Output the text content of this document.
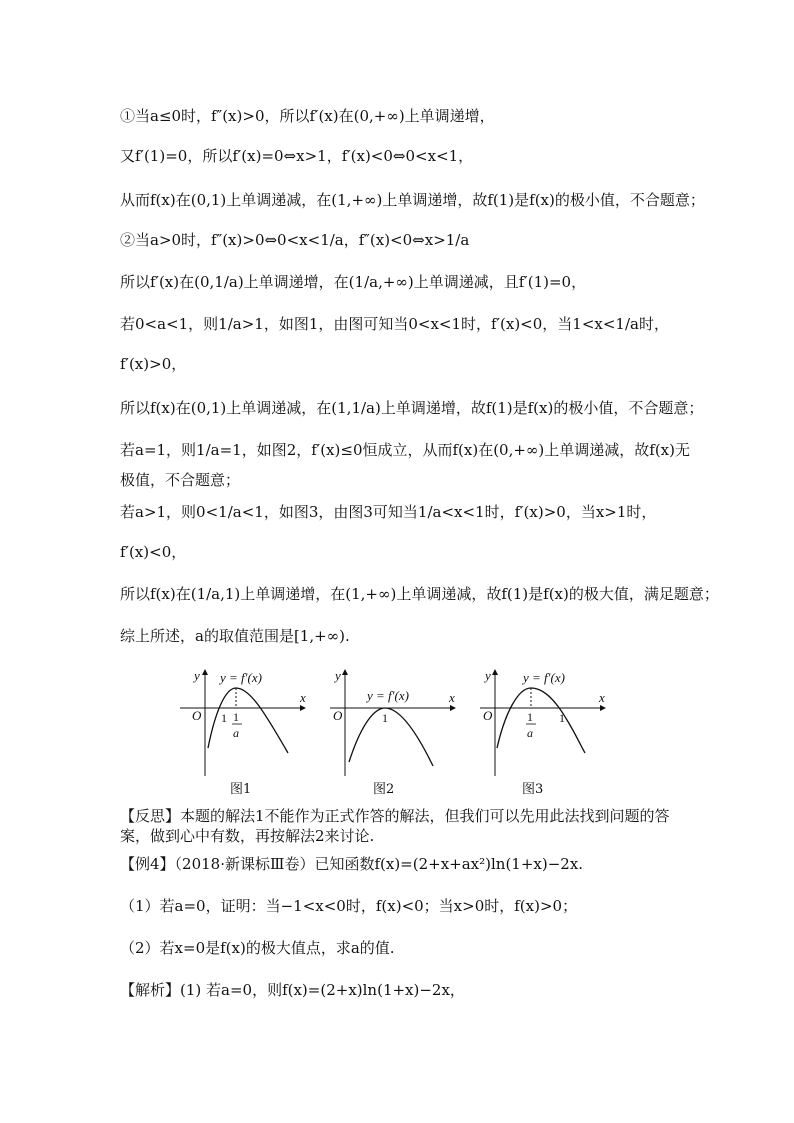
①当a≤0时，f″(x)>0，所以f′(x)在(0,+∞)上单调递增，
又f′(1)=0，所以f′(x)=0⇔x>1，f′(x)<0⇔0<x<1，
从而f(x)在(0,1)上单调递减，在(1,+∞)上单调递增，故f(1)是f(x)的极小值，不合题意；
②当a>0时，f″(x)>0⇔0<x<1/a，f″(x)<0⇔x>1/a
所以f′(x)在(0,1/a)上单调递增，在(1/a,+∞)上单调递减，且f′(1)=0，
若0<a<1，则1/a>1，如图1，由图可知当0<x<1时，f′(x)<0，当1<x<1/a时，
f′(x)>0，
所以f(x)在(0,1)上单调递减，在(1,1/a)上单调递增，故f(1)是f(x)的极小值，不合题意；
若a=1，则1/a=1，如图2，f′(x)≤0恒成立，从而f(x)在(0,+∞)上单调递减，故f(x)无
极值，不合题意；
若a>1，则0<1/a<1，如图3，由图3可知当1/a<x<1时，f′(x)>0，当x>1时，
f′(x)<0，
所以f(x)在(1/a,1)上单调递增，在(1,+∞)上单调递减，故f(1)是f(x)的极大值，满足题意；
综上所述，a的取值范围是[1,+∞).
y
x
O
y = f′(x)
1 1
a
y
x
O
y = f′(x)
1
y
x
O
y = f′(x)
1
a
1
图1	图2	图3
【反思】本题的解法1不能作为正式作答的解法，但我们可以先用此法找到问题的答案，做到心中有数，再按解法2来讨论.
【例4】（2018·新课标Ⅲ卷）已知函数f(x)=(2+x+ax²)ln(1+x)−2x.
（1）若a=0，证明：当−1<x<0时，f(x)<0；当x>0时，f(x)>0；
（2）若x=0是f(x)的极大值点，求a的值.
【解析】(1) 若a=0，则f(x)=(2+x)ln(1+x)−2x，
